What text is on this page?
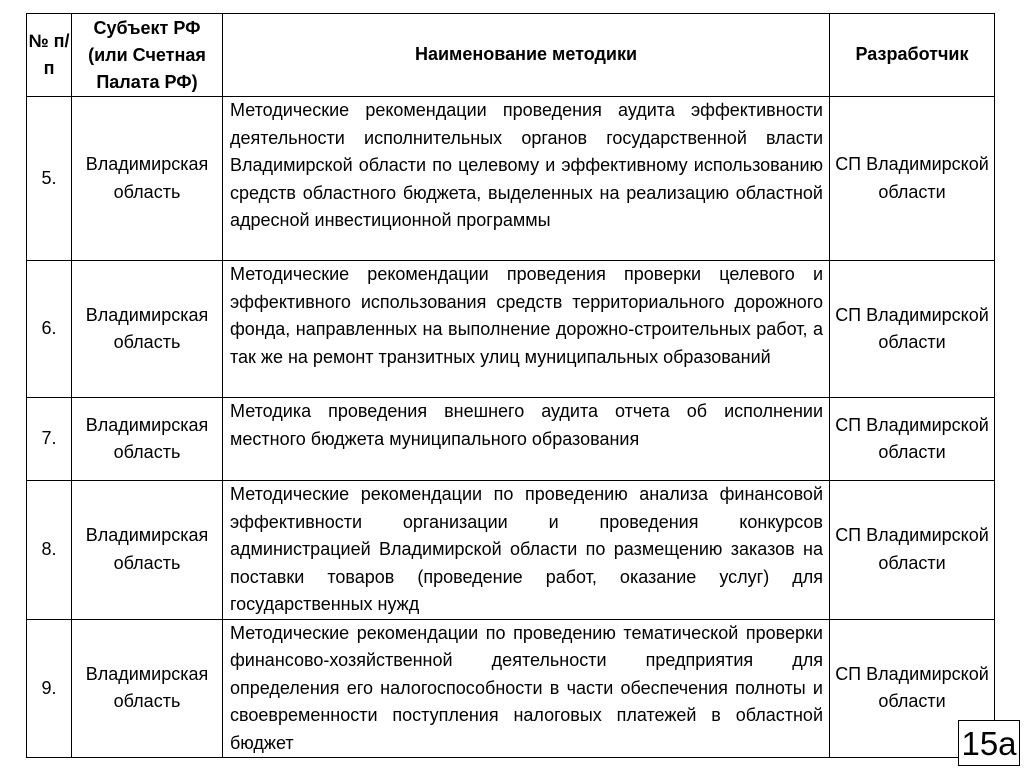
№ п/п	Субъект РФ (или Счетная Палата РФ)	Наименование методики	Разработчик
5.	Владимирская область	Методические рекомендации проведения аудита эффективности деятельности исполнительных органов государственной власти Владимирской области по целевому и эффективному использованию средств областного бюджета, выделенных на реализацию областной адресной инвестиционной программы	СП Владимирской области
6.	Владимирская область	Методические рекомендации проведения проверки целевого и эффективного использования средств территориального дорожного фонда, направленных на выполнение дорожно-строительных работ, а так же на ремонт транзитных улиц муниципальных образований	СП Владимирской области
7.	Владимирская область	Методика проведения внешнего аудита отчета об исполнении местного бюджета муниципального образования	СП Владимирской области
8.	Владимирская область	Методические рекомендации по проведению анализа финансовой эффективности организации и проведения конкурсов администрацией Владимирской области по размещению заказов на поставки товаров (проведение работ, оказание услуг) для государственных нужд	СП Владимирской области
9.	Владимирская область	Методические рекомендации по проведению тематической проверки финансово-хозяйственной деятельности предприятия для определения его налогоспособности в части обеспечения полноты и своевременности поступления налоговых платежей в областной бюджет	СП Владимирской области
15а
